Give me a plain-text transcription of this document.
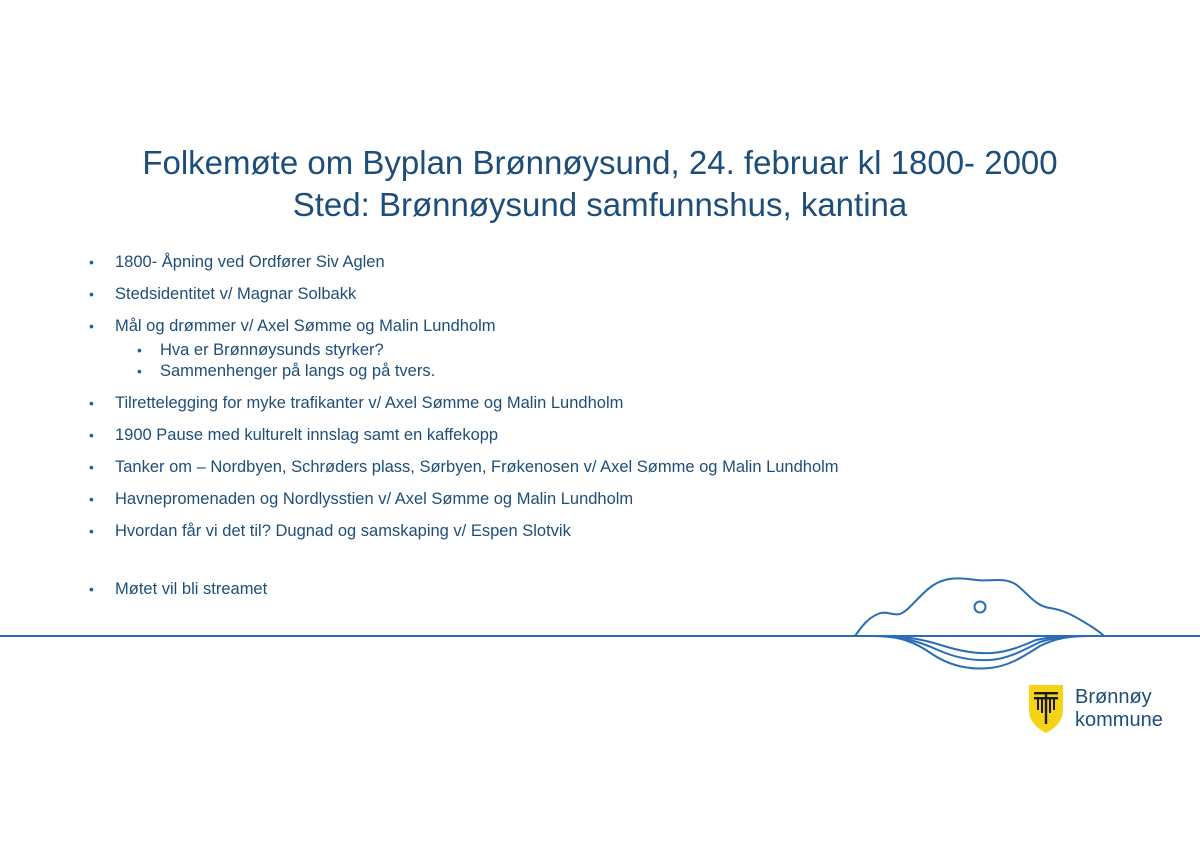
Folkemøte om Byplan Brønnøysund, 24. februar kl 1800- 2000
Sted: Brønnøysund samfunnshus, kantina
• 1800- Åpning ved Ordfører Siv Aglen
• Stedsidentitet v/ Magnar Solbakk
• Mål og drømmer v/ Axel Sømme og Malin Lundholm
• Hva er Brønnøysunds styrker?
• Sammenhenger på langs og på tvers.
• Tilrettelegging for myke trafikanter v/ Axel Sømme og Malin Lundholm
• 1900 Pause med kulturelt innslag samt en kaffekopp
• Tanker om – Nordbyen, Schrøders plass, Sørbyen, Frøkenosen v/ Axel Sømme og Malin Lundholm
• Havnepromenaden og Nordlysstien v/ Axel Sømme og Malin Lundholm
• Hvordan får vi det til? Dugnad og samskaping v/ Espen Slotvik
• Møtet vil bli streamet
Brønnøy
kommune
